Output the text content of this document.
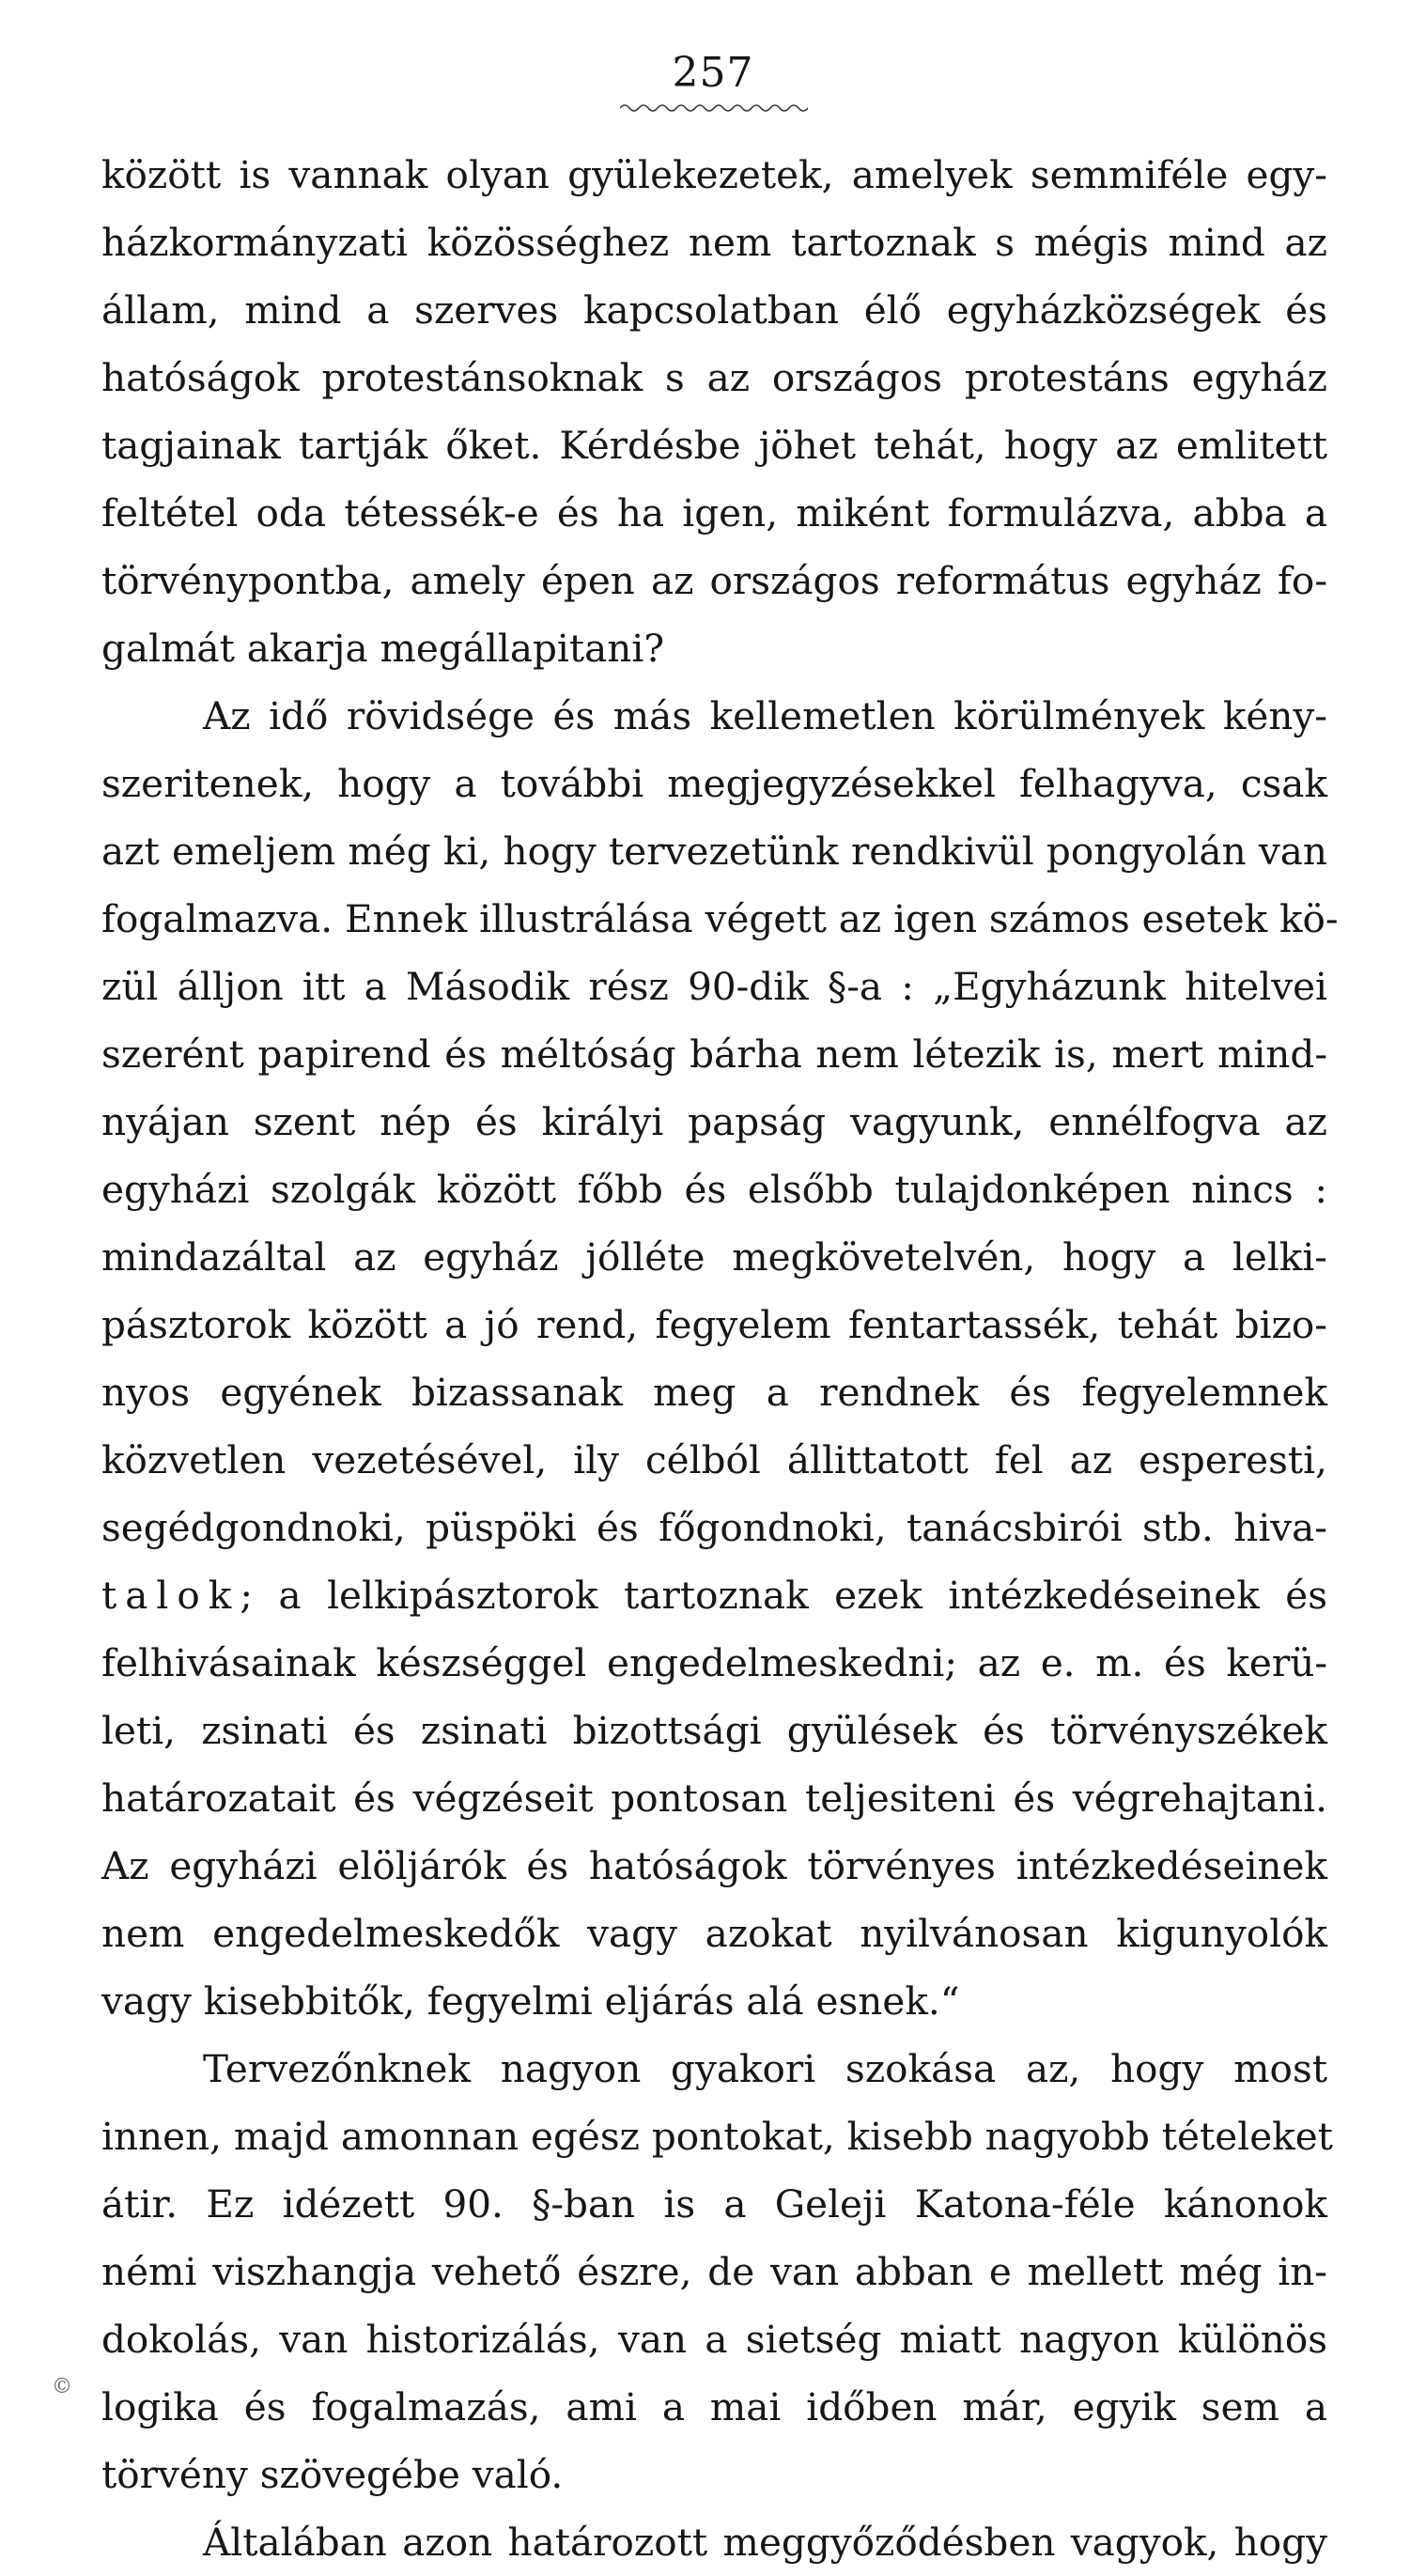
257
között is vannak olyan gyülekezetek, amelyek semmiféle egy-
házkormányzati közösséghez nem tartoznak s mégis mind az
állam, mind a szerves kapcsolatban élő egyházközségek és
hatóságok protestánsoknak s az országos protestáns egyház
tagjainak tartják őket. Kérdésbe jöhet tehát, hogy az emlitett
feltétel oda tétessék-e és ha igen, miként formulázva, abba a
törvénypontba, amely épen az országos református egyház fo-
galmát akarja megállapitani?
Az idő rövidsége és más kellemetlen körülmények kény-
szeritenek, hogy a további megjegyzésekkel felhagyva, csak
azt emeljem még ki, hogy tervezetünk rendkivül pongyolán van
fogalmazva. Ennek illustrálása végett az igen számos esetek kö-
zül álljon itt a Második rész 90-dik §-a : „Egyházunk hitelvei
szerént papirend és méltóság bárha nem létezik is, mert mind-
nyájan szent nép és királyi papság vagyunk, ennélfogva az
egyházi szolgák között főbb és elsőbb tulajdonképen nincs :
mindazáltal az egyház jólléte megkövetelvén, hogy a lelki-
pásztorok között a jó rend, fegyelem fentartassék, tehát bizo-
nyos egyének bizassanak meg a rendnek és fegyelemnek
közvetlen vezetésével, ily célból állittatott fel az esperesti,
segédgondnoki, püspöki és főgondnoki, tanácsbirói stb. hiva-
talok; a lelkipásztorok tartoznak ezek intézkedéseinek és
felhivásainak készséggel engedelmeskedni; az e. m. és kerü-
leti, zsinati és zsinati bizottsági gyülések és törvényszékek
határozatait és végzéseit pontosan teljesiteni és végrehajtani.
Az egyházi elöljárók és hatóságok törvényes intézkedéseinek
nem engedelmeskedők vagy azokat nyilvánosan kigunyolók
vagy kisebbitők, fegyelmi eljárás alá esnek.“
Tervezőnknek nagyon gyakori szokása az, hogy most
innen, majd amonnan egész pontokat, kisebb nagyobb tételeket
átir. Ez idézett 90. §-ban is a Geleji Katona-féle kánonok
némi viszhangja vehető észre, de van abban e mellett még in-
dokolás, van historizálás, van a sietség miatt nagyon különös
logika és fogalmazás, ami a mai időben már, egyik sem a
törvény szövegébe való.
Általában azon határozott meggyőződésben vagyok, hogy
©
